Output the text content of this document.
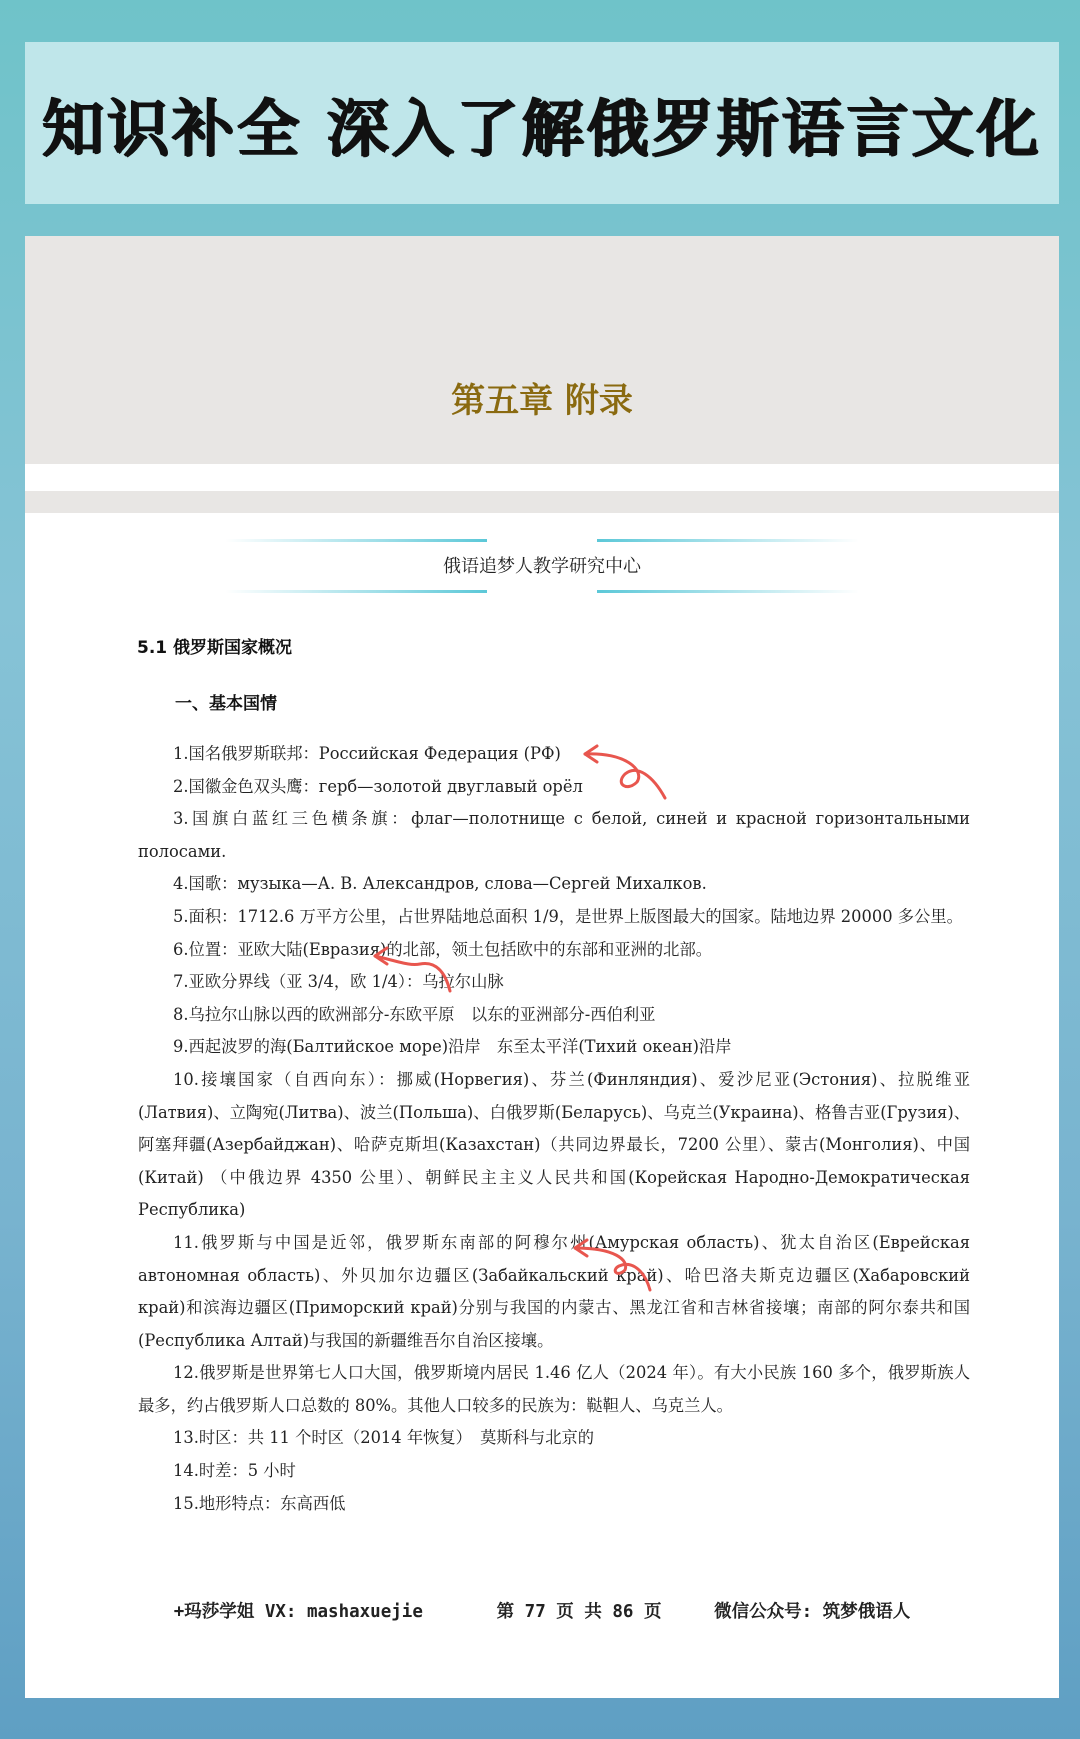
知识补全 深入了解俄罗斯语言文化
第五章 附录
俄语追梦人教学研究中心
5.1 俄罗斯国家概况
一、基本国情

1.国名俄罗斯联邦：Российская Федерация (РФ)

2.国徽金色双头鹰：герб—золотой двуглавый орёл

3.国旗白蓝红三色横条旗：флаг—полотнище с белой, синей и красной горизонтальными полосами.

4.国歌：музыка—А. В. Александров, слова—Сергей Михалков.

5.面积：1712.6 万平方公里，占世界陆地总面积 1/9，是世界上版图最大的国家。陆地边界 20000 多公里。

6.位置：亚欧大陆(Евразия)的北部，领土包括欧中的东部和亚洲的北部。

7.亚欧分界线（亚 3/4，欧 1/4）：乌拉尔山脉

8.乌拉尔山脉以西的欧洲部分-东欧平原　以东的亚洲部分-西伯利亚

9.西起波罗的海(Балтийское море)沿岸　东至太平洋(Тихий океан)沿岸

10.接壤国家（自西向东）：挪威(Норвегия)、芬兰(Финляндия)、爱沙尼亚(Эстония)、拉脱维亚(Латвия)、立陶宛(Литва)、波兰(Польша)、白俄罗斯(Беларусь)、乌克兰(Украина)、格鲁吉亚(Грузия)、阿塞拜疆(Азербайджан)、哈萨克斯坦(Казахстан)（共同边界最长，7200 公里）、蒙古(Монголия)、中国 (Китай) （中俄边界 4350 公里）、朝鲜民主主义人民共和国(Корейская Народно-Демократическая Республика)

11.俄罗斯与中国是近邻，俄罗斯东南部的阿穆尔州(Амурская область)、犹太自治区(Еврейская автономная область)、外贝加尔边疆区(Забайкальский край)、哈巴洛夫斯克边疆区(Хабаровский край)和滨海边疆区(Приморский край)分别与我国的内蒙古、黑龙江省和吉林省接壤；南部的阿尔泰共和国(Республика Алтай)与我国的新疆维吾尔自治区接壤。

12.俄罗斯是世界第七人口大国，俄罗斯境内居民 1.46 亿人（2024 年）。有大小民族 160 多个，俄罗斯族人最多，约占俄罗斯人口总数的 80%。其他人口较多的民族为：鞑靼人、乌克兰人。

13.时区：共 11 个时区（2014 年恢复）　莫斯科与北京的

14.时差：5 小时

15.地形特点：东高西低

+玛莎学姐 VX: mashaxuejie	第 77 页 共 86 页	微信公众号: 筑梦俄语人
